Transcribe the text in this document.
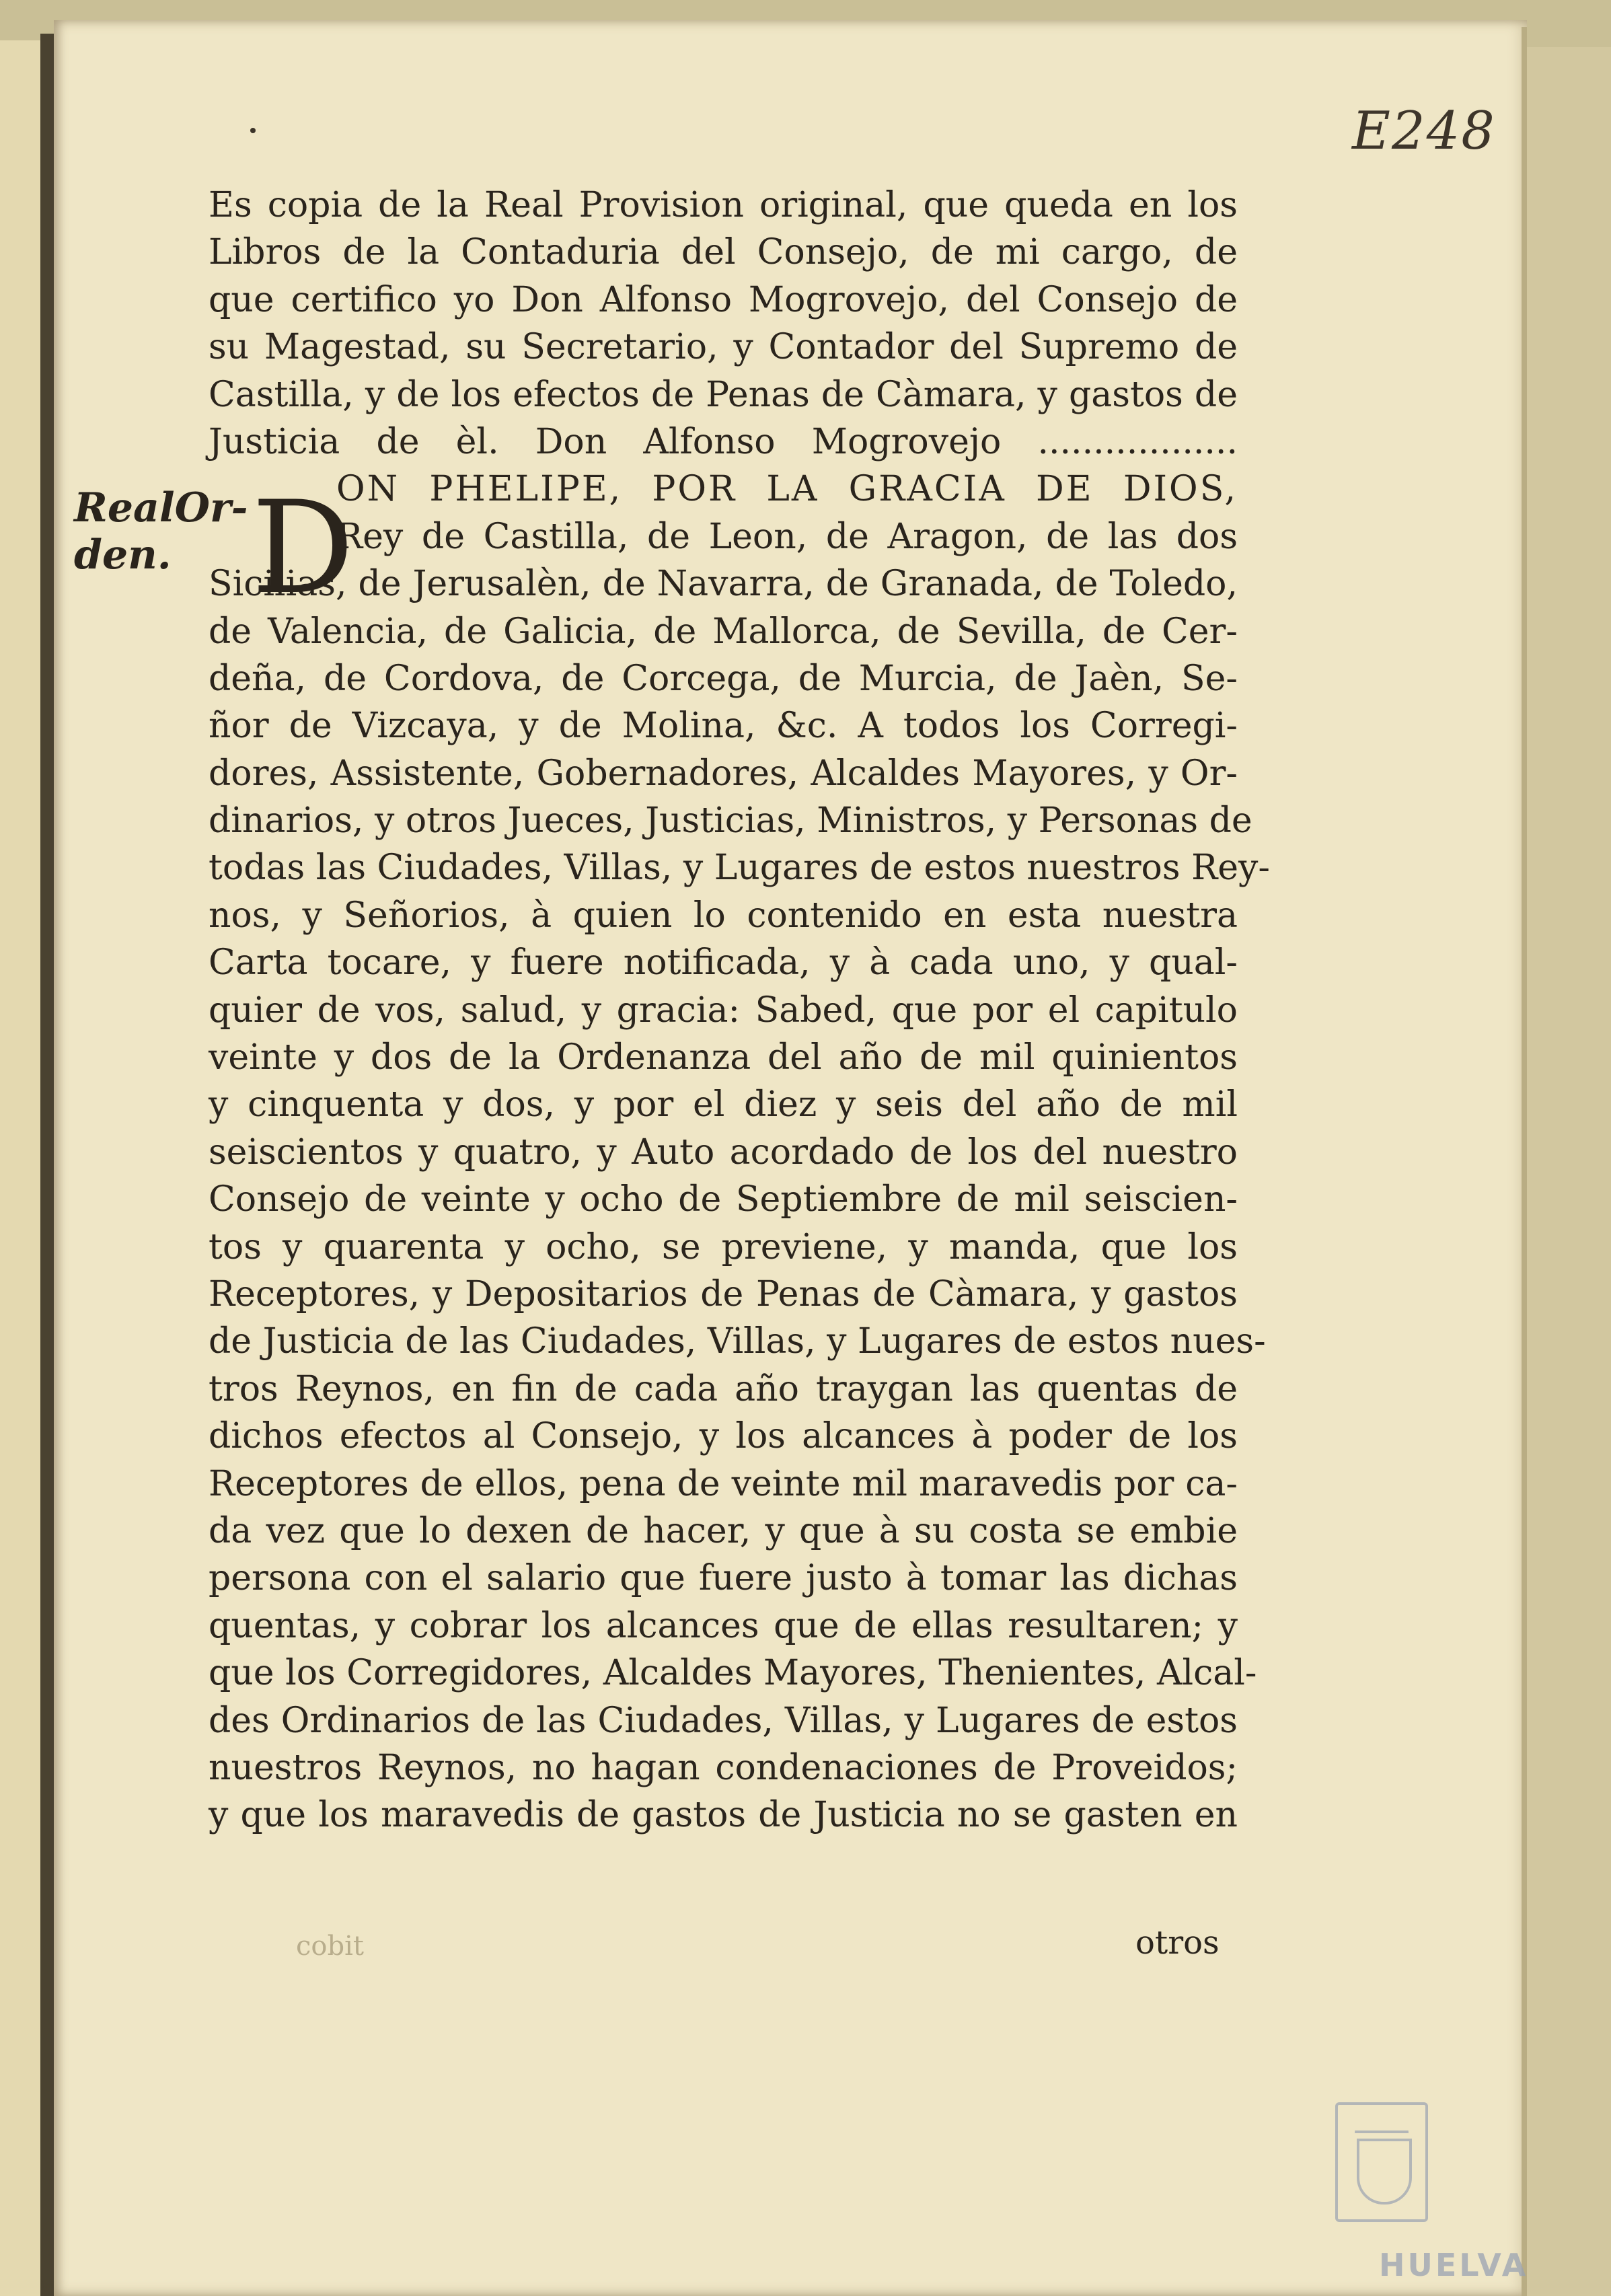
E248
RealOr-
den. D
Es copia de la Real Provision original, que queda en los
Libros de la Contaduria del Consejo, de mi cargo, de
que certifico yo Don Alfonso Mogrovejo, del Consejo de
su Magestad, su Secretario, y Contador del Supremo de
Castilla, y de los efectos de Penas de Càmara, y gastos de
Justicia de èl. Don Alfonso Mogrovejo ..................
ON PHELIPE, POR LA GRACIA DE DIOS,
Rey de Castilla, de Leon, de Aragon, de las dos
Sicilias, de Jerusalèn, de Navarra, de Granada, de Toledo,
de Valencia, de Galicia, de Mallorca, de Sevilla, de Cer-
deña, de Cordova, de Corcega, de Murcia, de Jaèn, Se-
ñor de Vizcaya, y de Molina, &c. A todos los Corregi-
dores, Assistente, Gobernadores, Alcaldes Mayores, y Or-
dinarios, y otros Jueces, Justicias, Ministros, y Personas de
todas las Ciudades, Villas, y Lugares de estos nuestros Rey-
nos, y Señorios, à quien lo contenido en esta nuestra
Carta tocare, y fuere notificada, y à cada uno, y qual-
quier de vos, salud, y gracia: Sabed, que por el capitulo
veinte y dos de la Ordenanza del año de mil quinientos
y cinquenta y dos, y por el diez y seis del año de mil
seiscientos y quatro, y Auto acordado de los del nuestro
Consejo de veinte y ocho de Septiembre de mil seiscien-
tos y quarenta y ocho, se previene, y manda, que los
Receptores, y Depositarios de Penas de Càmara, y gastos
de Justicia de las Ciudades, Villas, y Lugares de estos nues-
tros Reynos, en fin de cada año traygan las quentas de
dichos efectos al Consejo, y los alcances à poder de los
Receptores de ellos, pena de veinte mil maravedis por ca-
da vez que lo dexen de hacer, y que à su costa se embie
persona con el salario que fuere justo à tomar las dichas
quentas, y cobrar los alcances que de ellas resultaren; y
que los Corregidores, Alcaldes Mayores, Thenientes, Alcal-
des Ordinarios de las Ciudades, Villas, y Lugares de estos
nuestros Reynos, no hagan condenaciones de Proveidos;
y que los maravedis de gastos de Justicia no se gasten en
cobit	otros
HUELVA
